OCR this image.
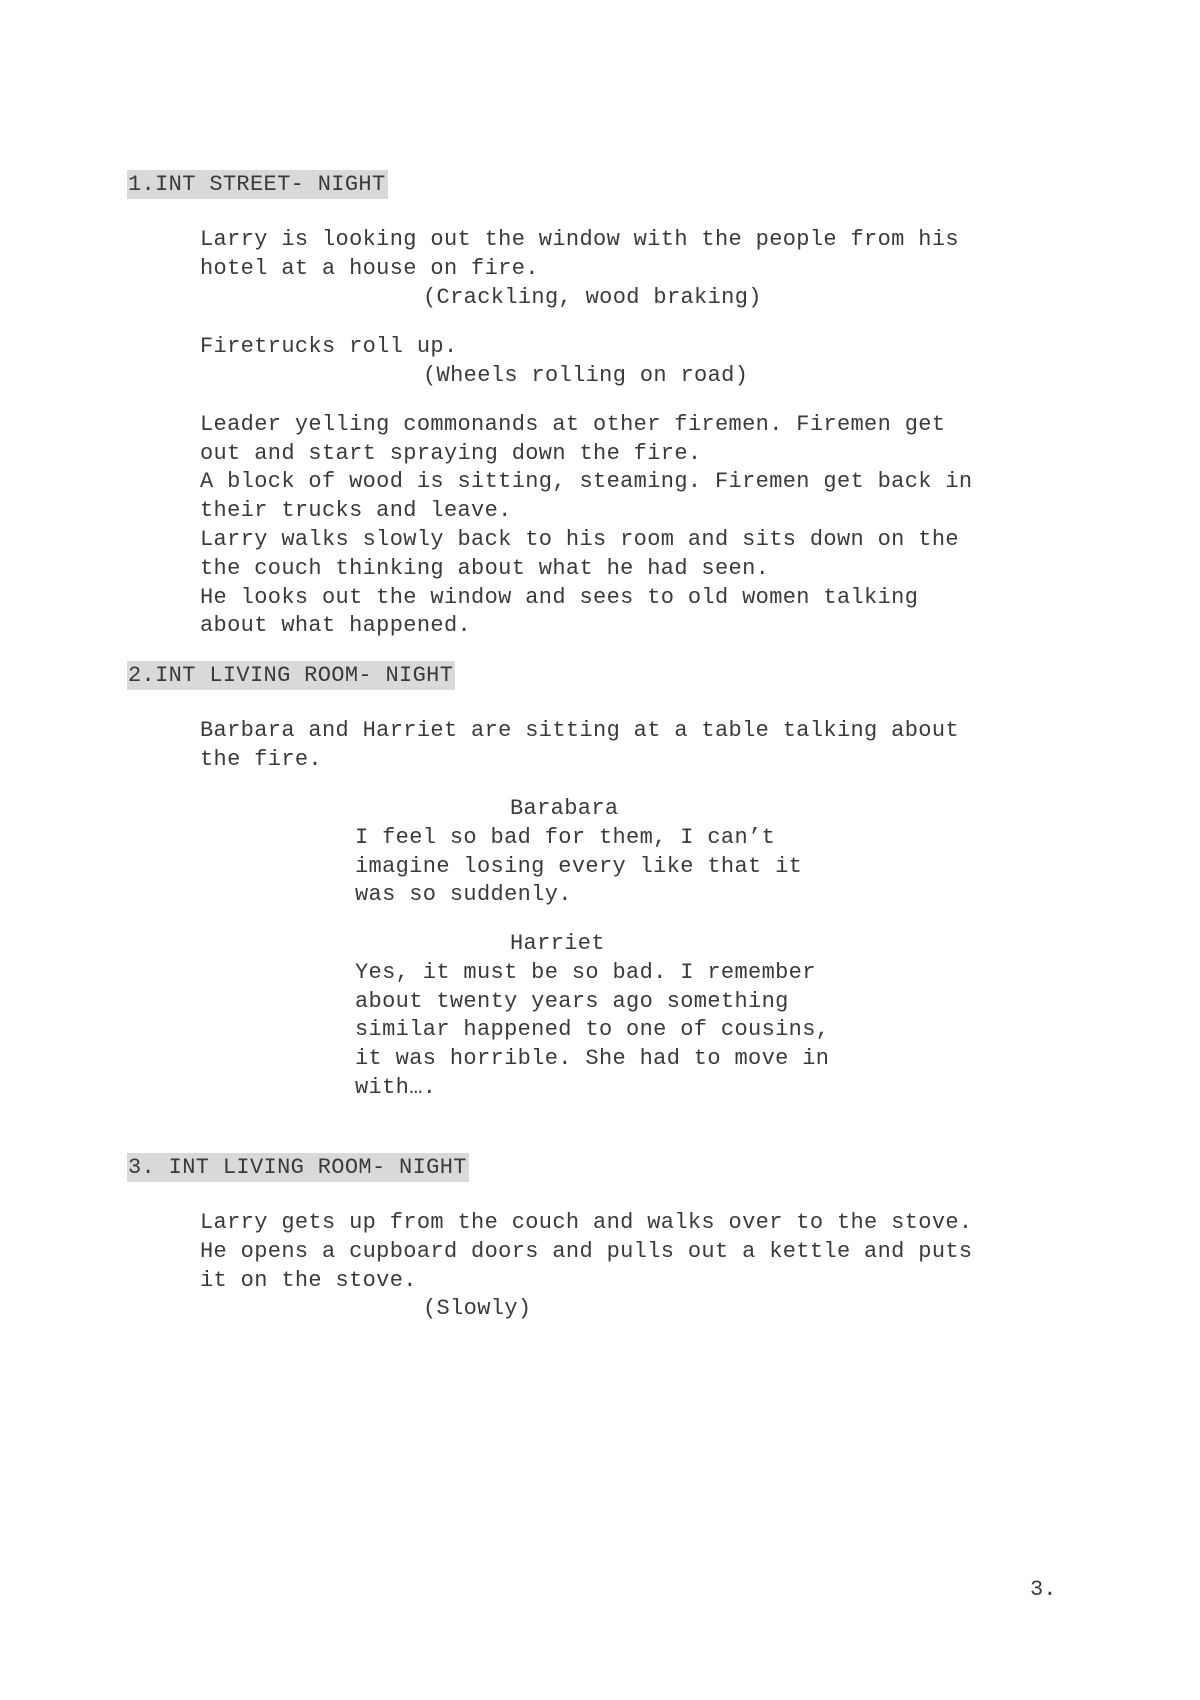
1.INT STREET- NIGHT
Larry is looking out the window with the people from his
hotel at a house on fire.
(Crackling, wood braking)
Firetrucks roll up.
(Wheels rolling on road)
Leader yelling commonands at other firemen. Firemen get
out and start spraying down the fire.
A block of wood is sitting, steaming. Firemen get back in
their trucks and leave.
Larry walks slowly back to his room and sits down on the
the couch thinking about what he had seen.
He looks out the window and sees to old women talking
about what happened.
2.INT LIVING ROOM- NIGHT
Barbara and Harriet are sitting at a table talking about
the fire.
Barabara
I feel so bad for them, I can’t
imagine losing every like that it
was so suddenly.
Harriet
Yes, it must be so bad. I remember
about twenty years ago something
similar happened to one of cousins,
it was horrible. She had to move in
with….
3. INT LIVING ROOM- NIGHT
Larry gets up from the couch and walks over to the stove.
He opens a cupboard doors and pulls out a kettle and puts
it on the stove.
(Slowly)
3.
